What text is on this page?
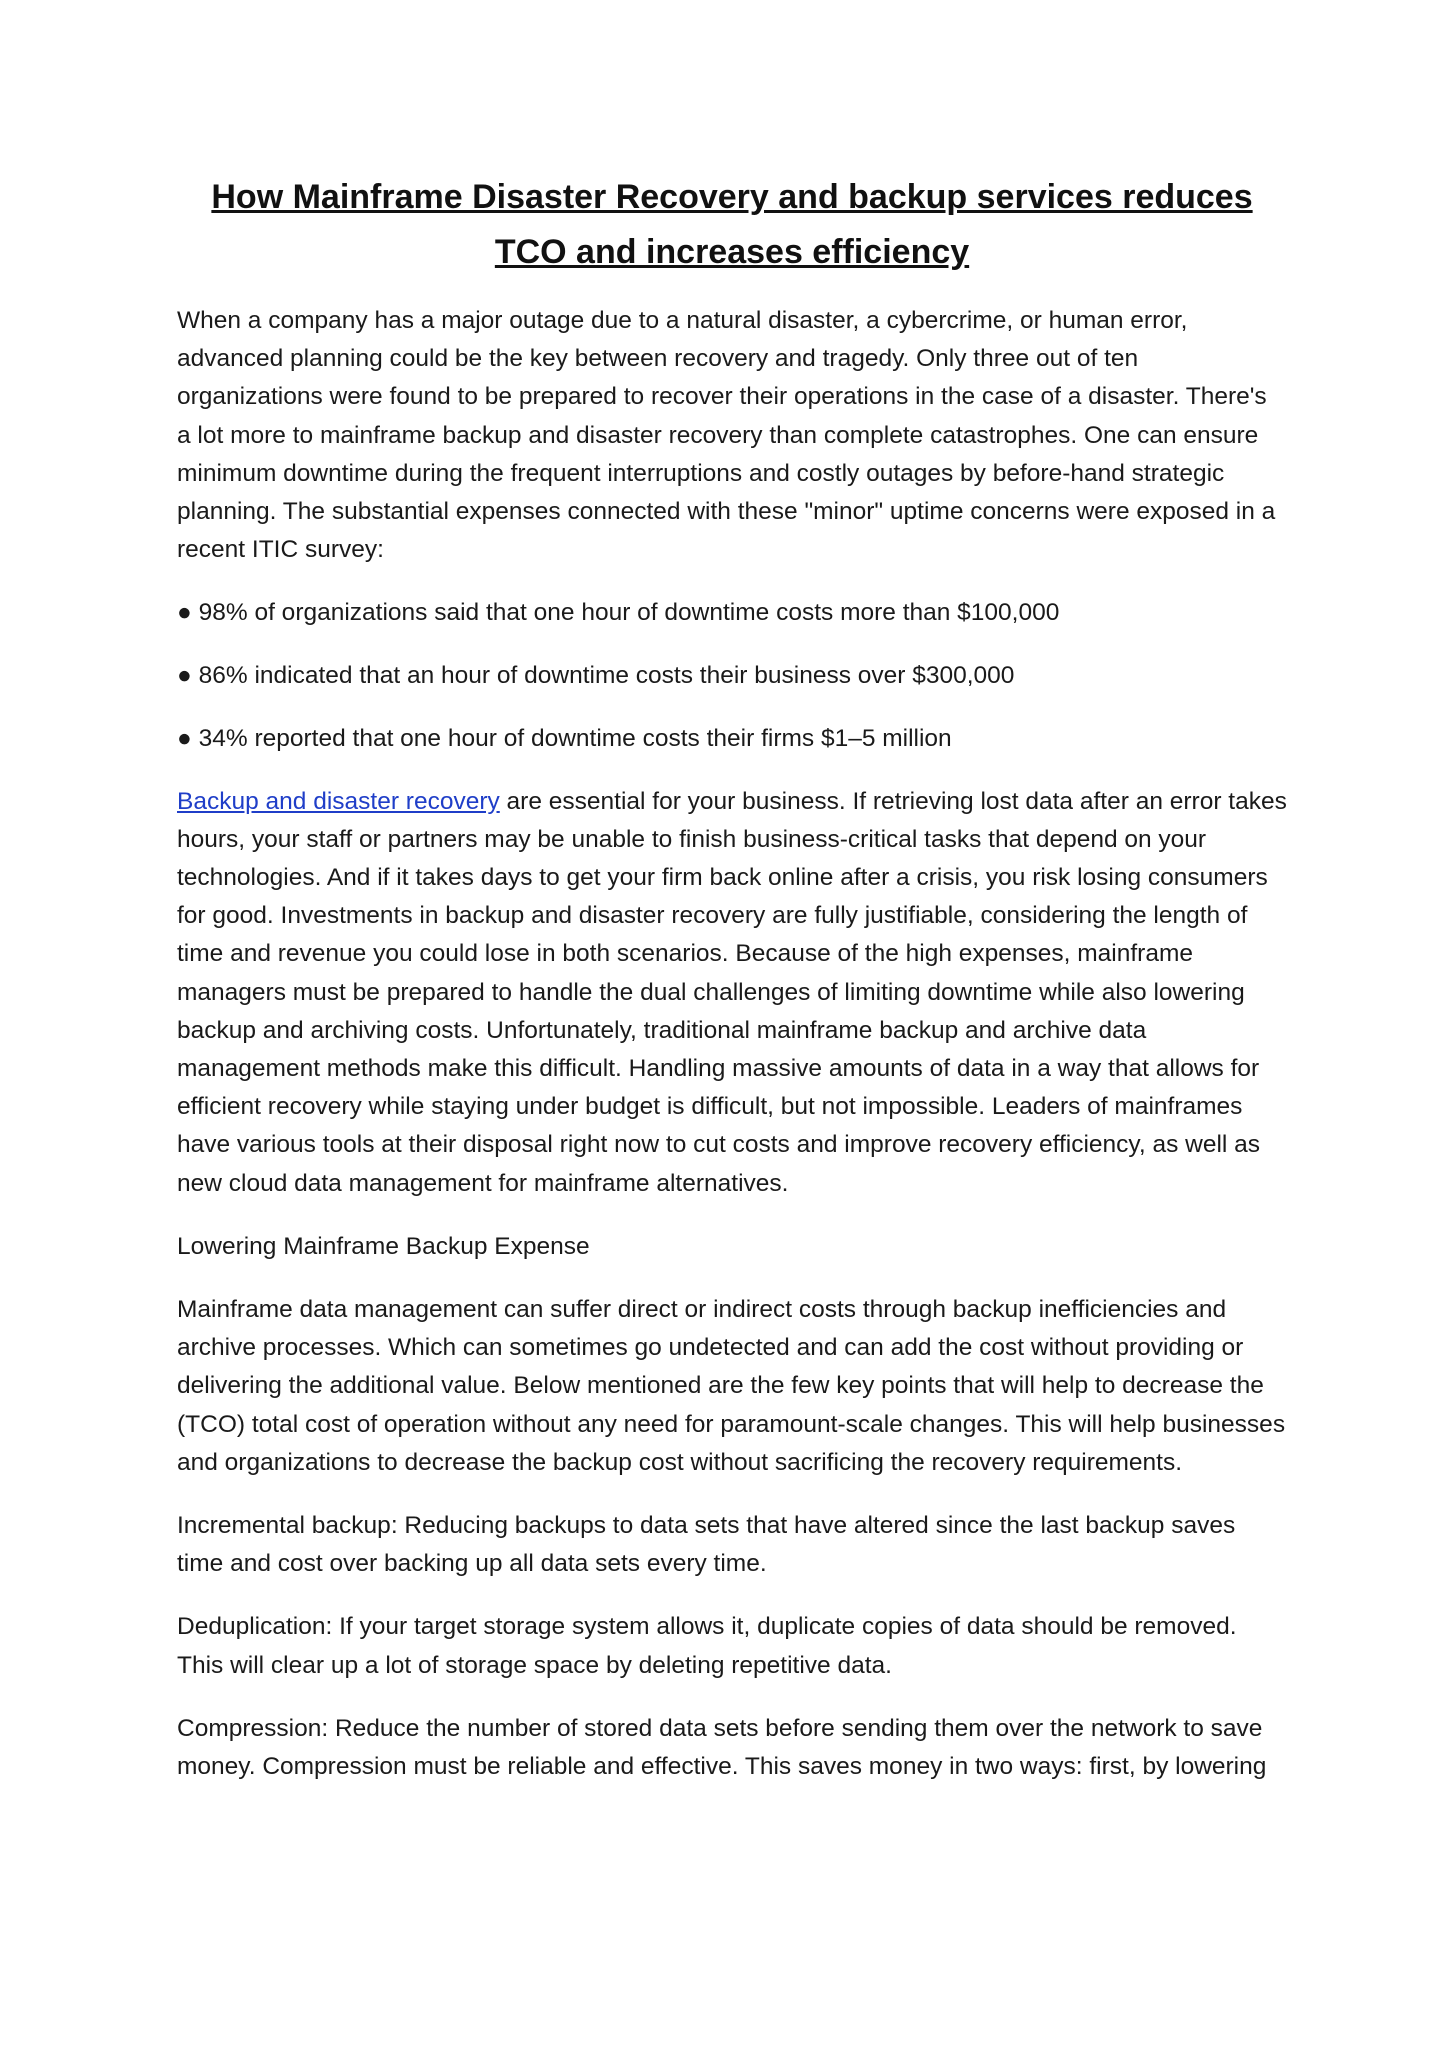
How Mainframe Disaster Recovery and backup services reduces
TCO and increases efficiency

When a company has a major outage due to a natural disaster, a cybercrime, or human error, advanced planning could be the key between recovery and tragedy. Only three out of ten organizations were found to be prepared to recover their operations in the case of a disaster. There's a lot more to mainframe backup and disaster recovery than complete catastrophes. One can ensure minimum downtime during the frequent interruptions and costly outages by before-hand strategic planning. The substantial expenses connected with these "minor" uptime concerns were exposed in a recent ITIC survey:

● 98% of organizations said that one hour of downtime costs more than $100,000

● 86% indicated that an hour of downtime costs their business over $300,000

● 34% reported that one hour of downtime costs their firms $1–5 million

Backup and disaster recovery are essential for your business. If retrieving lost data after an error takes hours, your staff or partners may be unable to finish business-critical tasks that depend on your technologies. And if it takes days to get your firm back online after a crisis, you risk losing consumers for good. Investments in backup and disaster recovery are fully justifiable, considering the length of time and revenue you could lose in both scenarios. Because of the high expenses, mainframe managers must be prepared to handle the dual challenges of limiting downtime while also lowering backup and archiving costs. Unfortunately, traditional mainframe backup and archive data management methods make this difficult. Handling massive amounts of data in a way that allows for efficient recovery while staying under budget is difficult, but not impossible. Leaders of mainframes have various tools at their disposal right now to cut costs and improve recovery efficiency, as well as new cloud data management for mainframe alternatives.

Lowering Mainframe Backup Expense

Mainframe data management can suffer direct or indirect costs through backup inefficiencies and archive processes. Which can sometimes go undetected and can add the cost without providing or delivering the additional value. Below mentioned are the few key points that will help to decrease the (TCO) total cost of operation without any need for paramount-scale changes. This will help businesses and organizations to decrease the backup cost without sacrificing the recovery requirements.

Incremental backup: Reducing backups to data sets that have altered since the last backup saves time and cost over backing up all data sets every time.

Deduplication: If your target storage system allows it, duplicate copies of data should be removed. This will clear up a lot of storage space by deleting repetitive data.

Compression: Reduce the number of stored data sets before sending them over the network to save money. Compression must be reliable and effective. This saves money in two ways: first, by lowering
